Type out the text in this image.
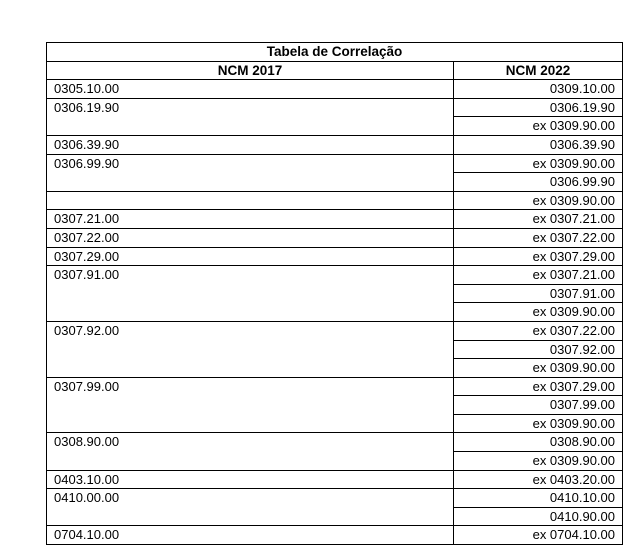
Tabela de Correlação	
NCM 2017	NCM 2022
0305.10.00	0309.10.00
0306.19.90	0306.19.90
	ex 0309.90.00
0306.39.90	0306.39.90
0306.99.90	ex 0309.90.00
	0306.99.90
	ex 0309.90.00
0307.21.00	ex 0307.21.00
0307.22.00	ex 0307.22.00
0307.29.00	ex 0307.29.00
0307.91.00	ex 0307.21.00
	0307.91.00
	ex 0309.90.00
0307.92.00	ex 0307.22.00
	0307.92.00
	ex 0309.90.00
0307.99.00	ex 0307.29.00
	0307.99.00
	ex 0309.90.00
0308.90.00	0308.90.00
	ex 0309.90.00
0403.10.00	ex 0403.20.00
0410.00.00	0410.10.00
	0410.90.00
0704.10.00	ex 0704.10.00
